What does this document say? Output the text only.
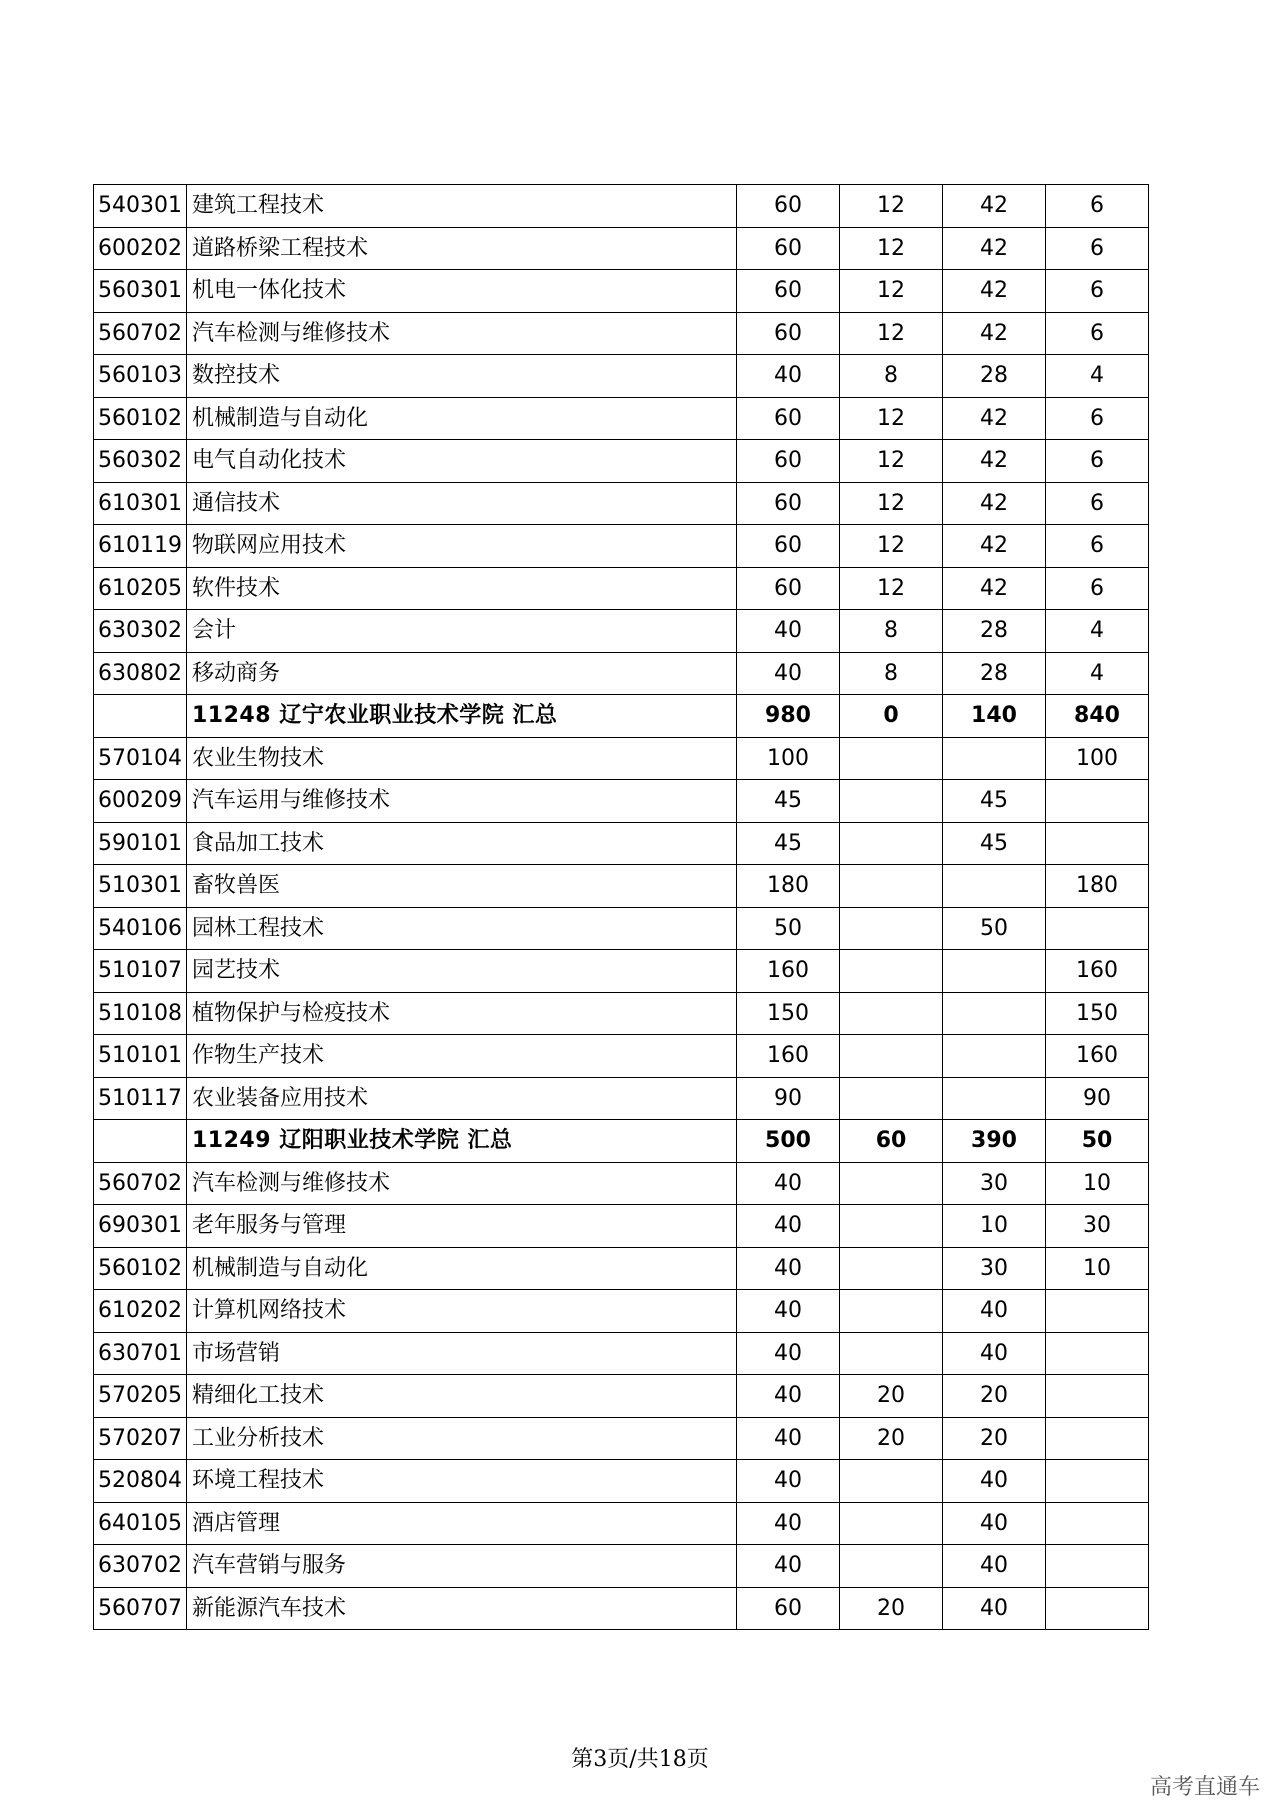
540301	建筑工程技术	60	12	42	6
600202	道路桥梁工程技术	60	12	42	6
560301	机电一体化技术	60	12	42	6
560702	汽车检测与维修技术	60	12	42	6
560103	数控技术	40	8	28	4
560102	机械制造与自动化	60	12	42	6
560302	电气自动化技术	60	12	42	6
610301	通信技术	60	12	42	6
610119	物联网应用技术	60	12	42	6
610205	软件技术	60	12	42	6
630302	会计	40	8	28	4
630802	移动商务	40	8	28	4
	11248 辽宁农业职业技术学院 汇总	980	0	140	840
570104	农业生物技术	100			100
600209	汽车运用与维修技术	45		45	
590101	食品加工技术	45		45	
510301	畜牧兽医	180			180
540106	园林工程技术	50		50	
510107	园艺技术	160			160
510108	植物保护与检疫技术	150			150
510101	作物生产技术	160			160
510117	农业装备应用技术	90			90
	11249 辽阳职业技术学院 汇总	500	60	390	50
560702	汽车检测与维修技术	40		30	10
690301	老年服务与管理	40		10	30
560102	机械制造与自动化	40		30	10
610202	计算机网络技术	40		40	
630701	市场营销	40		40	
570205	精细化工技术	40	20	20	
570207	工业分析技术	40	20	20	
520804	环境工程技术	40		40	
640105	酒店管理	40		40	
630702	汽车营销与服务	40		40	
560707	新能源汽车技术	60	20	40	
第3页/共18页
高考直通车
